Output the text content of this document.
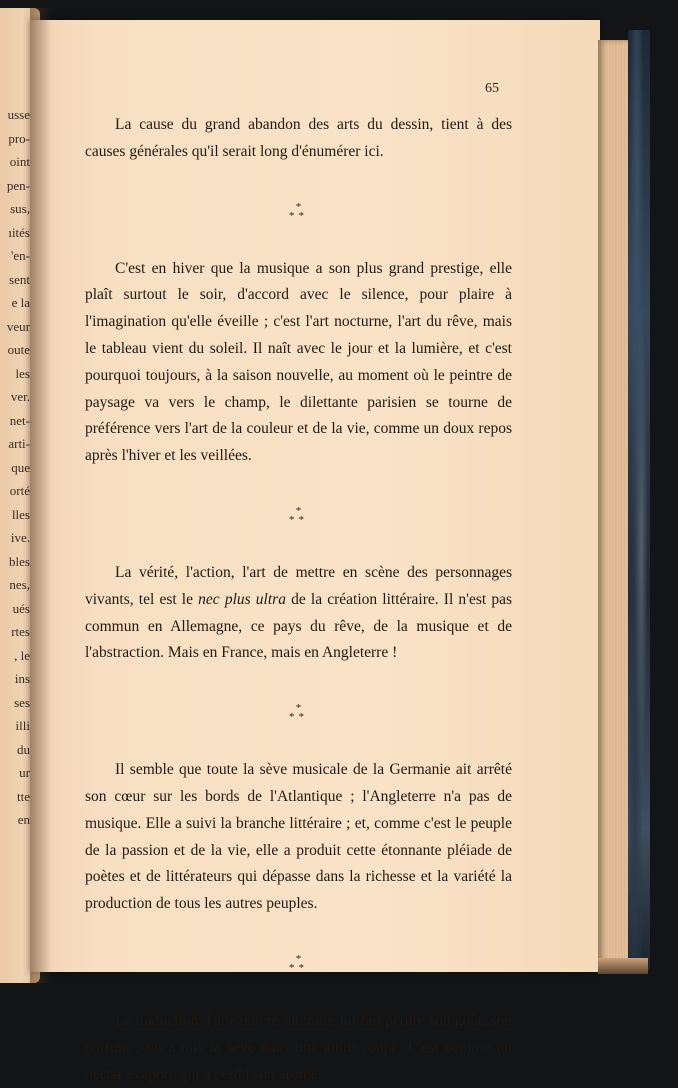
usse
pro-
oint
pen-
sus,
ıités
'en-
sent
e la
veur
oute
les
ver.
net-
arti-
que
orté
lles
ive.
bles
nes,
ués
rtes
, le
ins
ses
illi
du
ur
tte
en
65

La cause du grand abandon des arts du dessin, tient à des causes générales qu'il serait long d'énumérer ici.

*
**

C'est en hiver que la musique a son plus grand prestige, elle plaît surtout le soir, d'accord avec le silence, pour plaire à l'imagination qu'elle éveille ; c'est l'art nocturne, l'art du rêve, mais le tableau vient du soleil. Il naît avec le jour et la lumière, et c'est pourquoi toujours, à la saison nouvelle, au moment où le peintre de paysage va vers le champ, le dilettante parisien se tourne de préférence vers l'art de la couleur et de la vie, comme un doux repos après l'hiver et les veillées.

*
**

La vérité, l'action, l'art de mettre en scène des personnages vivants, tel est le nec plus ultra de la création littéraire. Il n'est pas commun en Allemagne, ce pays du rêve, de la musique et de l'abstraction. Mais en France, mais en Angleterre !

*
**

Il semble que toute la sève musicale de la Germanie ait arrêté son cœur sur les bords de l'Atlantique ; l'Angleterre n'a pas de musique. Elle a suivi la branche littéraire ; et, comme c'est le peuple de la passion et de la vie, elle a produit cette étonnante pléiade de poètes et de littérateurs qui dépasse dans la richesse et la variété la production de tous les autres peuples.

*
**

La traduction d'une œuvre littéraire lui fait perdre son goût, son parfum ; on a mis la sève dans une autre coupe. C'est comme un nectar évaporé qui a perdu son arome.
